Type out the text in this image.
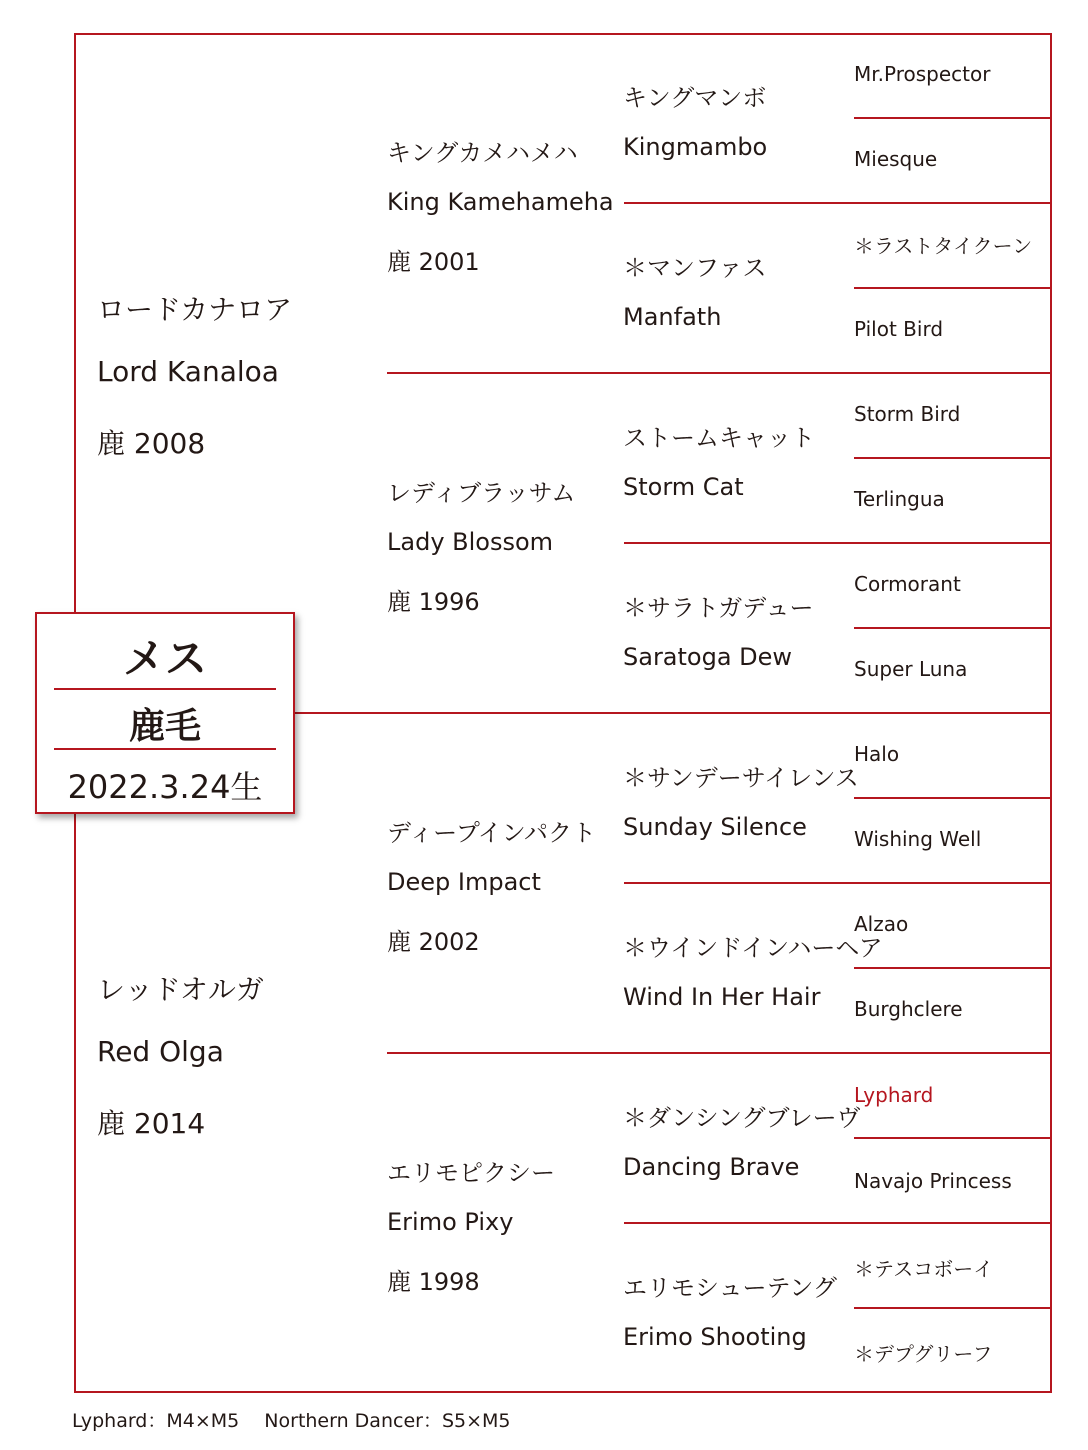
ロードカナロア
Lord Kanaloa
鹿 2008
レッドオルガ
Red Olga
鹿 2014
キングカメハメハ
King Kamehameha
鹿 2001
レディブラッサム
Lady Blossom
鹿 1996
ディープインパクト
Deep Impact
鹿 2002
エリモピクシー
Erimo Pixy
鹿 1998
キングマンボ
Kingmambo
＊マンファス
Manfath
ストームキャット
Storm Cat
＊サラトガデュー
Saratoga Dew
＊サンデーサイレンス
Sunday Silence
＊ウインドインハーヘア
Wind In Her Hair
＊ダンシングブレーヴ
Dancing Brave
エリモシューテング
Erimo Shooting
Mr.Prospector
Miesque
＊ラストタイクーン
Pilot Bird
Storm Bird
Terlingua
Cormorant
Super Luna
Halo
Wishing Well
Alzao
Burghclere
Lyphard
Navajo Princess
＊テスコボーイ
＊デプグリーフ
メス
鹿毛
2022.3.24生
Lyphard：M4×M5　 Northern Dancer：S5×M5
